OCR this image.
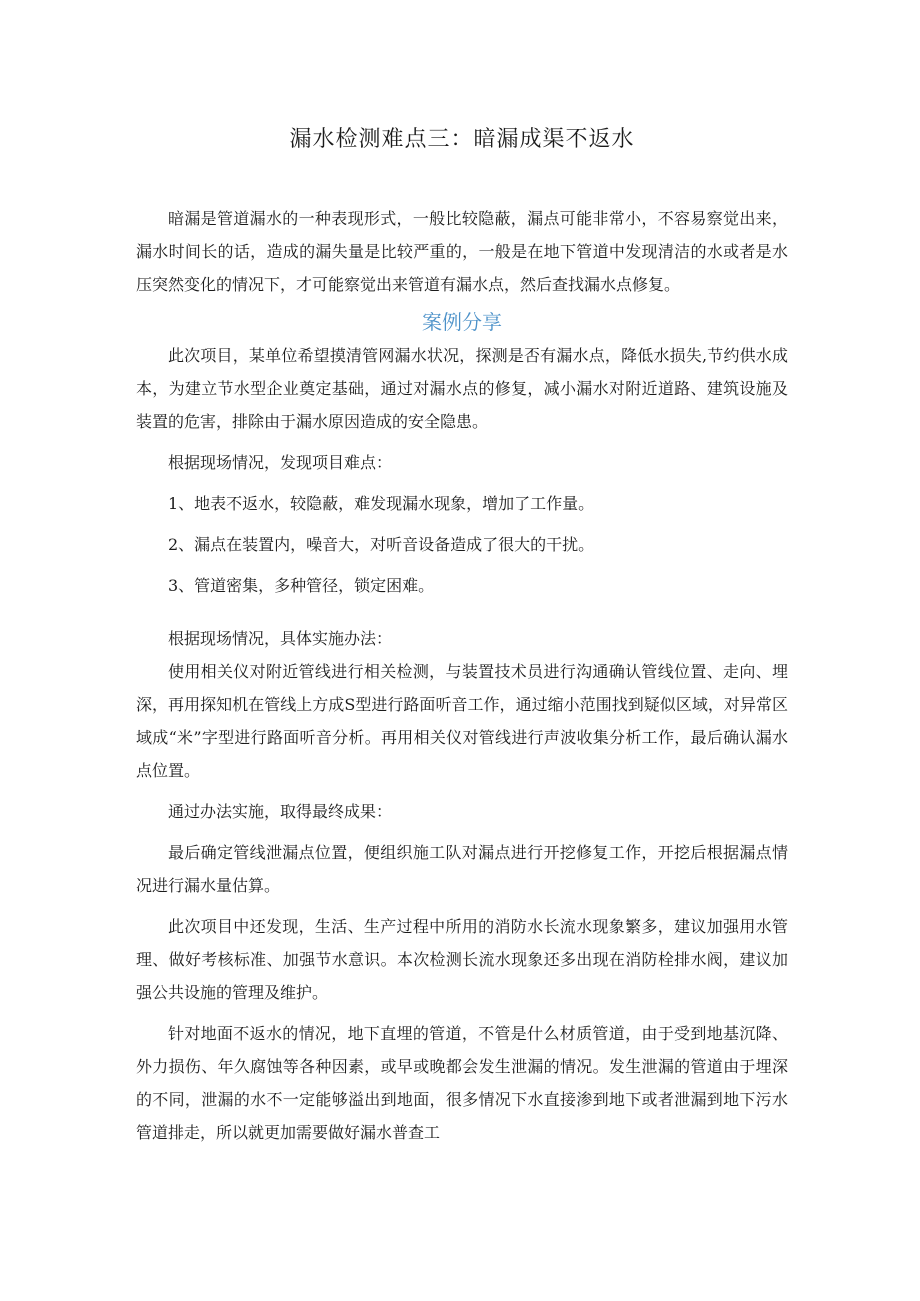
漏水检测难点三：暗漏成渠不返水

暗漏是管道漏水的一种表现形式，一般比较隐蔽，漏点可能非常小，不容易察觉出来，漏水时间长的话，造成的漏失量是比较严重的，一般是在地下管道中发现清洁的水或者是水压突然变化的情况下，才可能察觉出来管道有漏水点，然后查找漏水点修复。

案例分享

此次项目，某单位希望摸清管网漏水状况，探测是否有漏水点，降低水损失,节约供水成本，为建立节水型企业奠定基础，通过对漏水点的修复，减小漏水对附近道路、建筑设施及装置的危害，排除由于漏水原因造成的安全隐患。

根据现场情况，发现项目难点：

1、地表不返水，较隐蔽，难发现漏水现象，增加了工作量。

2、漏点在装置内，噪音大，对听音设备造成了很大的干扰。

3、管道密集，多种管径，锁定困难。

根据现场情况，具体实施办法：

使用相关仪对附近管线进行相关检测，与装置技术员进行沟通确认管线位置、走向、埋深，再用探知机在管线上方成S型进行路面听音工作，通过缩小范围找到疑似区域，对异常区域成“米”字型进行路面听音分析。再用相关仪对管线进行声波收集分析工作，最后确认漏水点位置。

通过办法实施，取得最终成果：

最后确定管线泄漏点位置，便组织施工队对漏点进行开挖修复工作，开挖后根据漏点情况进行漏水量估算。

此次项目中还发现，生活、生产过程中所用的消防水长流水现象繁多，建议加强用水管理、做好考核标准、加强节水意识。本次检测长流水现象还多出现在消防栓排水阀，建议加强公共设施的管理及维护。

针对地面不返水的情况，地下直埋的管道，不管是什么材质管道，由于受到地基沉降、外力损伤、年久腐蚀等各种因素，或早或晚都会发生泄漏的情况。发生泄漏的管道由于埋深的不同，泄漏的水不一定能够溢出到地面，很多情况下水直接渗到地下或者泄漏到地下污水管道排走，所以就更加需要做好漏水普查工
